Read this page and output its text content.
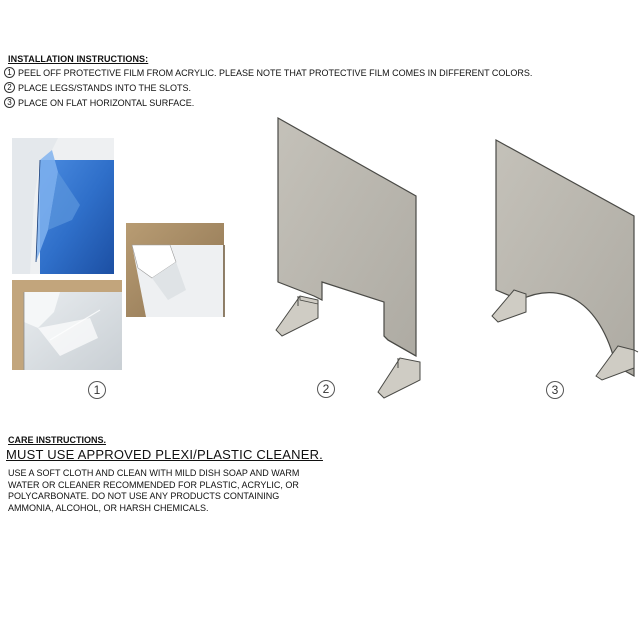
INSTALLATION INSTRUCTIONS:
1 PEEL OFF PROTECTIVE FILM FROM ACRYLIC. PLEASE NOTE THAT PROTECTIVE FILM COMES IN DIFFERENT COLORS.
2 PLACE LEGS/STANDS INTO THE SLOTS.
3 PLACE ON FLAT HORIZONTAL SURFACE.
1	2	3
CARE INSTRUCTIONS.
MUST USE APPROVED PLEXI/PLASTIC CLEANER.
USE A SOFT CLOTH AND CLEAN WITH MILD DISH SOAP AND WARM
WATER OR CLEANER RECOMMENDED FOR PLASTIC, ACRYLIC, OR
POLYCARBONATE. DO NOT USE ANY PRODUCTS CONTAINING
AMMONIA, ALCOHOL, OR HARSH CHEMICALS.
